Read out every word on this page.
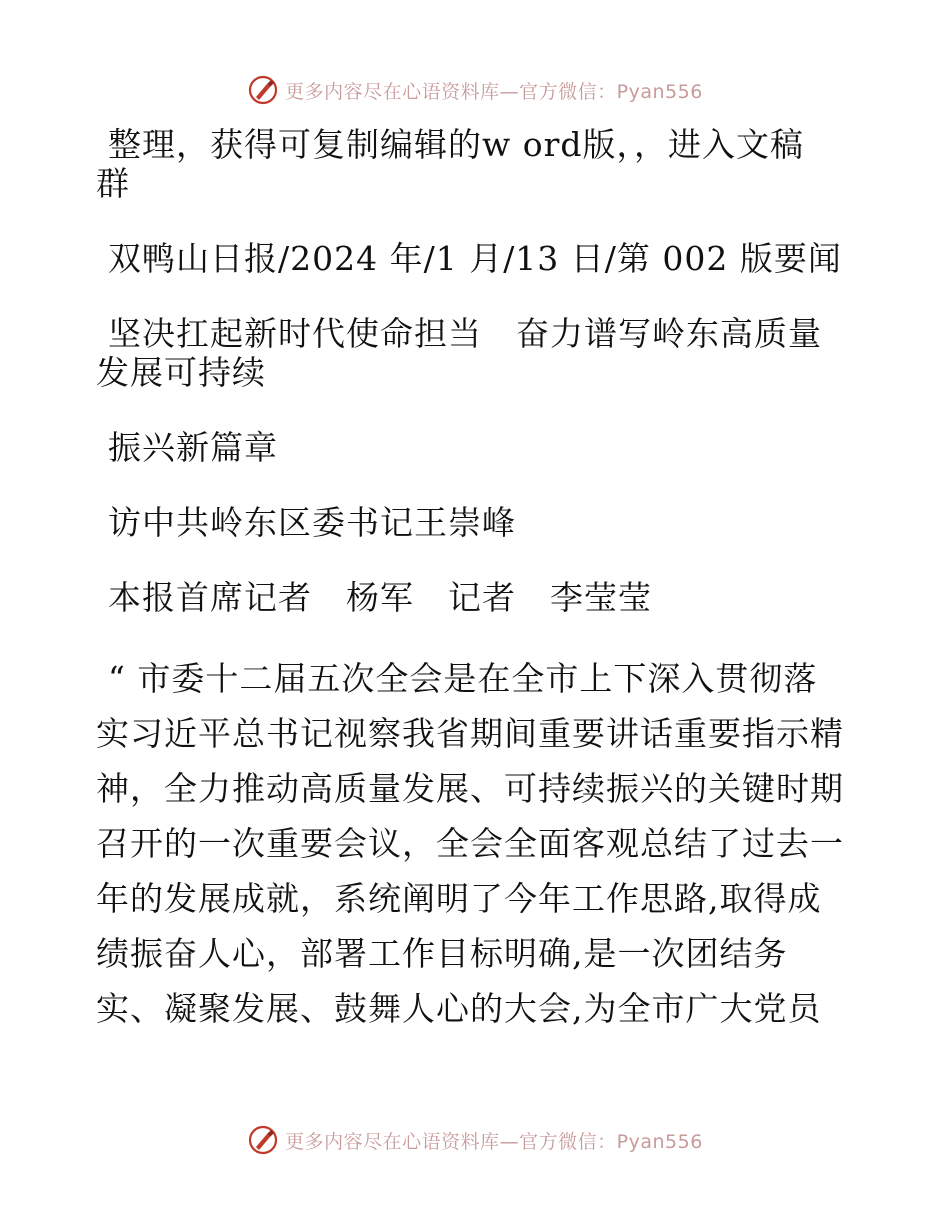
更多内容尽在心语资料库—官方微信：Pyan556

整理，获得可复制编辑的w ord版，，进入文稿
群

双鸭山日报/2024 年/1 月/13 日/第 002 版要闻

坚决扛起新时代使命担当　奋力谱写岭东高质量
发展可持续

振兴新篇章

访中共岭东区委书记王崇峰

本报首席记者　杨军　记者　李莹莹

“ 市委十二届五次全会是在全市上下深入贯彻落
实习近平总书记视察我省期间重要讲话重要指示精
神，全力推动高质量发展、可持续振兴的关键时期
召开的一次重要会议，全会全面客观总结了过去一
年的发展成就，系统阐明了今年工作思路,取得成
绩振奋人心，部署工作目标明确,是一次团结务
实、凝聚发展、鼓舞人心的大会,为全市广大党员

更多内容尽在心语资料库—官方微信：Pyan556
